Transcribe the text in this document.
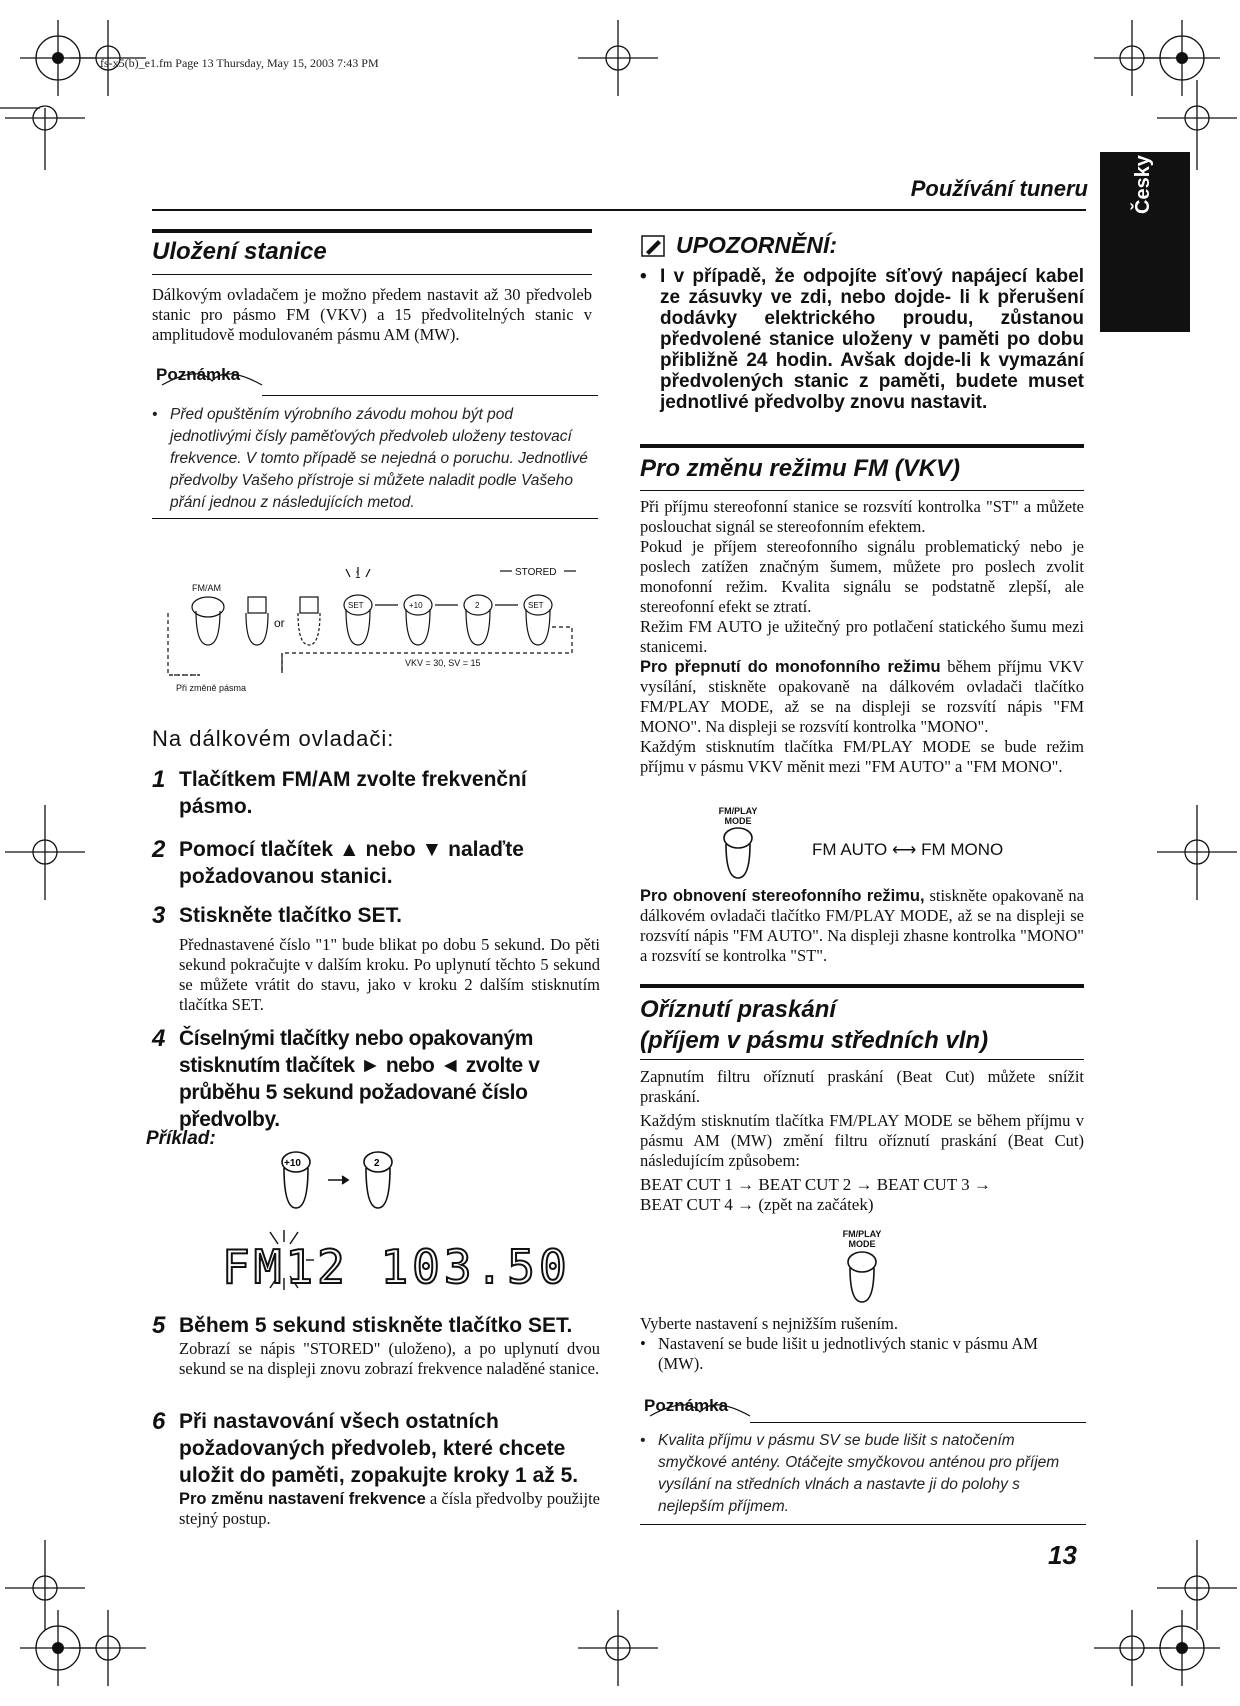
fs-x5(b)_e1.fm Page 13 Thursday, May 15, 2003 7:43 PM
Používání tuneru Česky
Uložení stanice

Dálkovým ovladačem je možno předem nastavit až 30 předvolеb stanic pro pásmo FM (VKV) a 15 předvolitelných stanic v amplitudově modulovaném pásmu AM (MW).

Poznámka
• Před opuštěním výrobního závodu mohou být pod jednotlivými čísly paměťových předvoleb uloženy testovací frekvence. V tomto případě se nejedná o poruchu. Jednotlivé předvolby Vašeho přístroje si můžete naladit podle Vašeho přání jednou z následujících metod.

FM/AM
or
SET	+10	2	SET
1	STORED
VKV = 30, SV = 15
Při změně pásma
Na dálkovém ovladači:
1 Tlačítkem FM/AM zvolte frekvenční pásmo.
2 Pomocí tlačítek ▲ nebo ▼ nalaďte požadovanou stanici.
3 Stiskněte tlačítko SET.

Přednastavené číslo "1" bude blikat po dobu 5 sekund. Do pěti sekund pokračujte v dalším kroku. Po uplynutí těchto 5 sekund se můžete vrátit do stavu, jako v kroku 2 dalším stisknutím tlačítka SET.

4 Číselnými tlačítky nebo opakovaným stisknutím tlačítek ► nebo ◄ zvolte v průběhu 5 sekund požadované číslo předvolby.
Příklad:
+10	2
FM12 103.50
5 Během 5 sekund stiskněte tlačítko SET.

Zobrazí se nápis "STORED" (uloženo), a po uplynutí dvou sekund se na displeji znovu zobrazí frekvence naladěné stanice.

6 Při nastavování všech ostatních požadovaných předvoleb, které chcete uložit do paměti, zopakujte kroky 1 až 5.

Pro změnu nastavení frekvence a čísla předvolby použijte stejný postup.

UPOZORNĚNÍ:
• I v případě, že odpojíte síťový napájecí kabel ze zásuvky ve zdi, nebo dojde- li k přerušení dodávky elektrického proudu, zůstanou předvolené stanice uloženy v paměti po dobu přibližně 24 hodin. Avšak dojde-li k vymazání předvolených stanic z paměti, budete muset jednotlivé předvolby znovu nastavit.

Pro změnu režimu FM (VKV)

Při příjmu stereofonní stanice se rozsvítí kontrolka "ST" a můžete poslouchat signál se stereofonním efektem.

Pokud je příjem stereofonního signálu problematický nebo je poslech zatížen značným šumem, můžete pro poslech zvolit monofonní režim. Kvalita signálu se podstatně zlepší, ale stereofonní efekt se ztratí.

Režim FM AUTO je užitečný pro potlačení statického šumu mezi stanicemi.

Pro přepnutí do monofonního režimu během příjmu VKV vysílání, stiskněte opakovaně na dálkovém ovladači tlačítko FM/PLAY MODE, až se na displeji se rozsvítí nápis "FM MONO". Na displeji se rozsvítí kontrolka "MONO".

Každým stisknutím tlačítka FM/PLAY MODE se bude režim příjmu v pásmu VKV měnit mezi "FM AUTO" a "FM MONO".

FM/PLAY MODE
FM AUTO ⟷ FM MONO

Pro obnovení stereofonního režimu, stiskněte opakovaně na dálkovém ovladači tlačítko FM/PLAY MODE, až se na displeji se rozsvítí nápis "FM AUTO". Na displeji zhasne kontrolka "MONO" a rozsvítí se kontrolka "ST".

Oříznutí praskání
(příjem v pásmu středních vln)

Zapnutím filtru oříznutí praskání (Beat Cut) můžete snížit praskání.

Každým stisknutím tlačítka FM/PLAY MODE se během příjmu v pásmu AM (MW) změní filtru oříznutí praskání (Beat Cut) následujícím způsobem:

BEAT CUT 1 → BEAT CUT 2 → BEAT CUT 3 →

BEAT CUT 4 → (zpět na začátek)

FM/PLAY MODE

Vyberte nastavení s nejnižším rušením.

• Nastavení se bude lišit u jednotlivých stanic v pásmu AM (MW).

Poznámka
• Kvalita příjmu v pásmu SV se bude lišit s natočením smyčkové antény. Otáčejte smyčkovou anténou pro příjem vysílání na středních vlnách a nastavte ji do polohy s nejlepším příjmem.

13
